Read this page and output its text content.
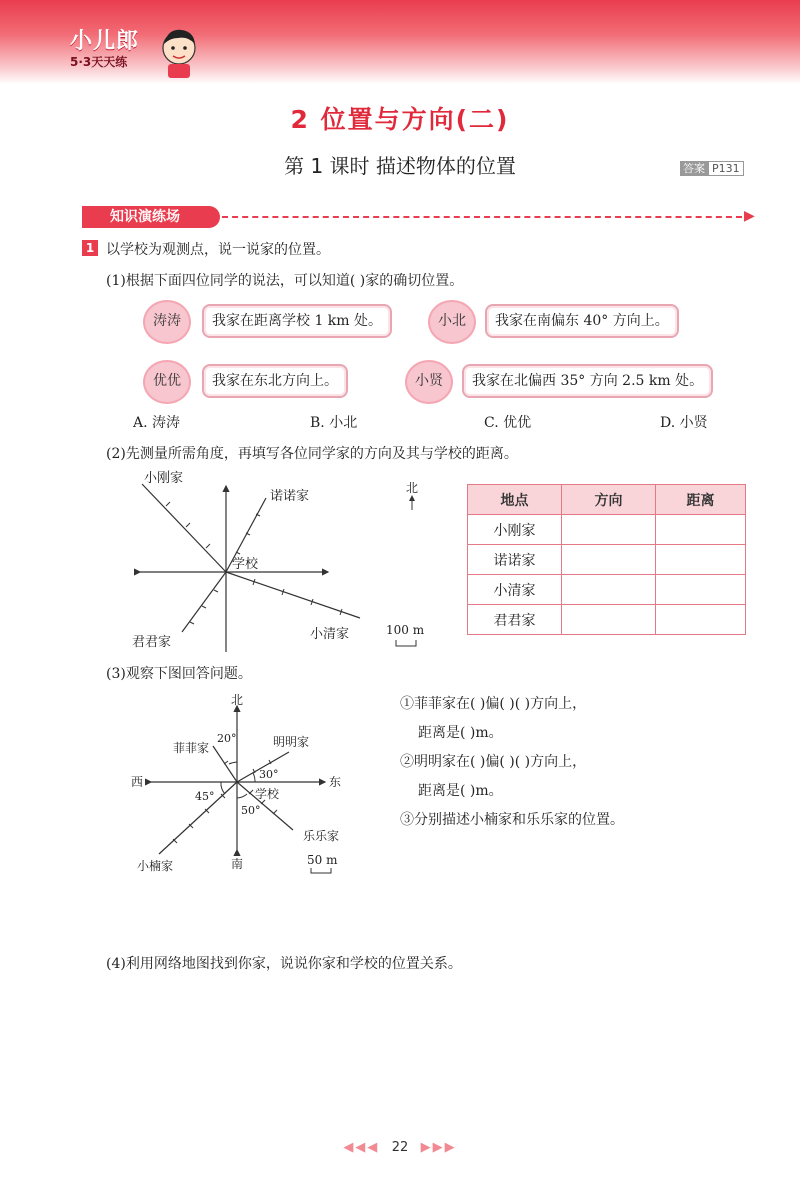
小儿郎
5·3天天练
2 位置与方向(二)
第 1 课时 描述物体的位置	答案 P131
知识演练场	▶
1 以学校为观测点，说一说家的位置。
(1)根据下面四位同学的说法，可以知道( )家的确切位置。
涛涛	我家在距离学校 1 km 处。	小北	我家在南偏东 40° 方向上。
优优	我家在东北方向上。	小贤	我家在北偏西 35° 方向 2.5 km 处。
A. 涛涛	B. 小北	C. 优优	D. 小贤
(2)先测量所需角度，再填写各位同学家的方向及其与学校的距离。
小刚家
诺诺家
小清家
君君家
学校
北
100 m
地点	方向	距离
小刚家		
诺诺家		
小清家		
君君家		
(3)观察下图回答问题。
北
南
东
西
学校
菲菲家	明明家
小楠家
乐乐家
20°
30°
45°
50°
50 m
①菲菲家在( )偏( )( )方向上，
距离是( )m。
②明明家在( )偏( )( )方向上，
距离是( )m。
③分别描述小楠家和乐乐家的位置。
(4)利用网络地图找到你家，说说你家和学校的位置关系。
◀◀◀ 22 ▶▶▶
